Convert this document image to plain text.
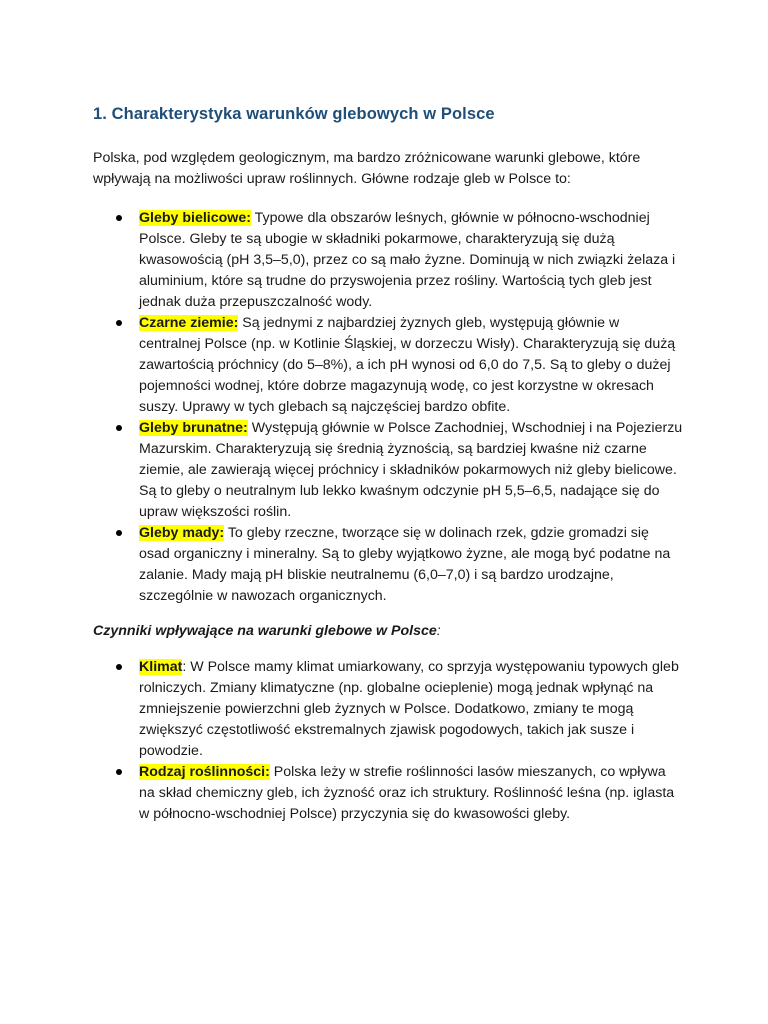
1. Charakterystyka warunków glebowych w Polsce

Polska, pod względem geologicznym, ma bardzo zróżnicowane warunki glebowe, które wpływają na możliwości upraw roślinnych. Główne rodzaje gleb w Polsce to:

Gleby bielicowe: Typowe dla obszarów leśnych, głównie w północno-wschodniej Polsce. Gleby te są ubogie w składniki pokarmowe, charakteryzują się dużą kwasowością (pH 3,5–5,0), przez co są mało żyzne. Dominują w nich związki żelaza i aluminium, które są trudne do przyswojenia przez rośliny. Wartością tych gleb jest jednak duża przepuszczalność wody.
Czarne ziemie: Są jednymi z najbardziej żyznych gleb, występują głównie w centralnej Polsce (np. w Kotlinie Śląskiej, w dorzeczu Wisły). Charakteryzują się dużą zawartością próchnicy (do 5–8%), a ich pH wynosi od 6,0 do 7,5. Są to gleby o dużej pojemności wodnej, które dobrze magazynują wodę, co jest korzystne w okresach suszy. Uprawy w tych glebach są najczęściej bardzo obfite.
Gleby brunatne: Występują głównie w Polsce Zachodniej, Wschodniej i na Pojezierzu Mazurskim. Charakteryzują się średnią żyznością, są bardziej kwaśne niż czarne ziemie, ale zawierają więcej próchnicy i składników pokarmowych niż gleby bielicowe. Są to gleby o neutralnym lub lekko kwaśnym odczynie pH 5,5–6,5, nadające się do upraw większości roślin.
Gleby mady: To gleby rzeczne, tworzące się w dolinach rzek, gdzie gromadzi się osad organiczny i mineralny. Są to gleby wyjątkowo żyzne, ale mogą być podatne na zalanie. Mady mają pH bliskie neutralnemu (6,0–7,0) i są bardzo urodzajne, szczególnie w nawozach organicznych.

Czynniki wpływające na warunki glebowe w Polsce:

Klimat: W Polsce mamy klimat umiarkowany, co sprzyja występowaniu typowych gleb rolniczych. Zmiany klimatyczne (np. globalne ocieplenie) mogą jednak wpłynąć na zmniejszenie powierzchni gleb żyznych w Polsce. Dodatkowo, zmiany te mogą zwiększyć częstotliwość ekstremalnych zjawisk pogodowych, takich jak susze i powodzie.
Rodzaj roślinności: Polska leży w strefie roślinności lasów mieszanych, co wpływa na skład chemiczny gleb, ich żyzność oraz ich struktury. Roślinność leśna (np. iglasta w północno-wschodniej Polsce) przyczynia się do kwasowości gleby.
